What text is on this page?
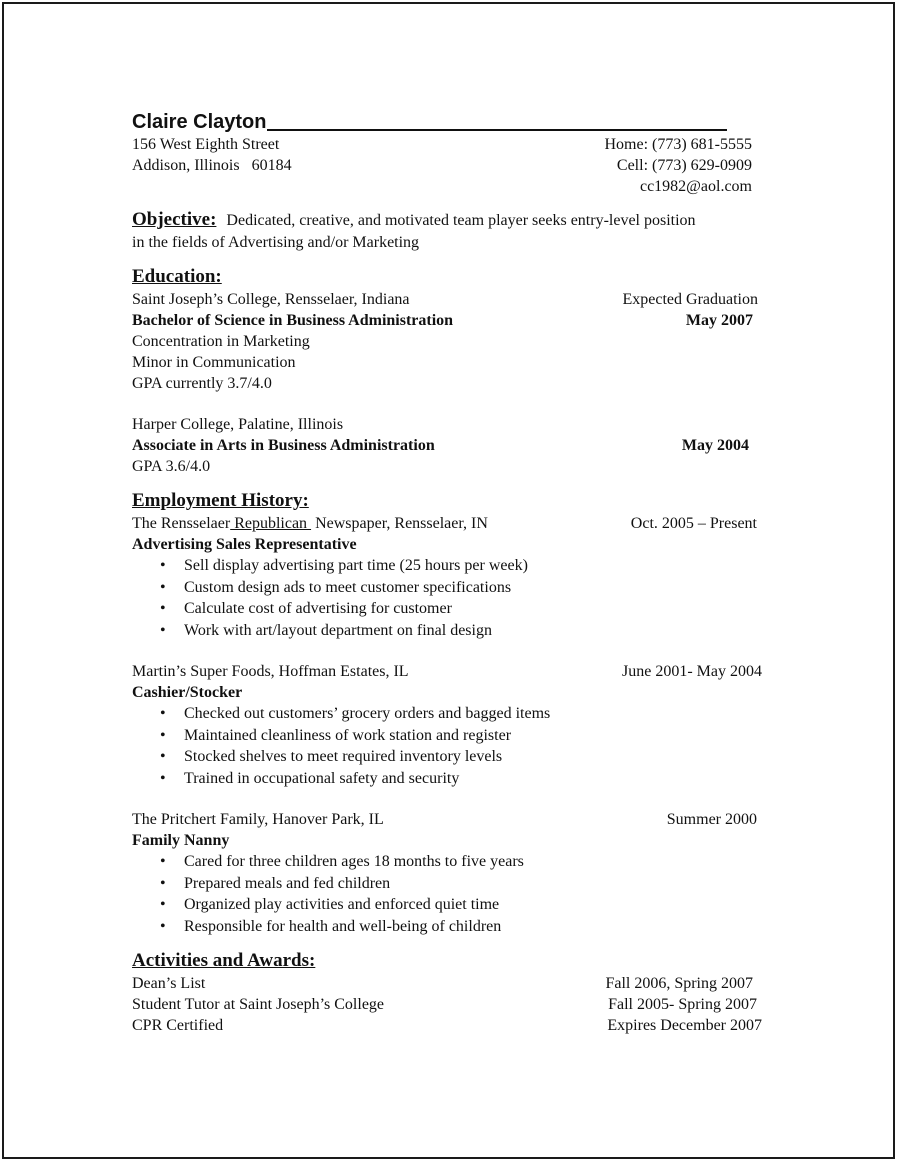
Claire Clayton
156 West Eighth Street	Home: (773) 681-5555
Addison, Illinois   60184	Cell: (773) 629-0909
cc1982@aol.com
Objective: Dedicated, creative, and motivated team player seeks entry-level position
in the fields of Advertising and/or Marketing
Education:
Saint Joseph’s College, Rensselaer, Indiana	Expected Graduation
Bachelor of Science in Business Administration	May 2007
Concentration in Marketing
Minor in Communication
GPA currently 3.7/4.0
Harper College, Palatine, Illinois
Associate in Arts in Business Administration	May 2004
GPA 3.6/4.0
Employment History:
The Rensselaer Republican  Newspaper, Rensselaer, IN	Oct. 2005 – Present
Advertising Sales Representative
• Sell display advertising part time (25 hours per week)
• Custom design ads to meet customer specifications
• Calculate cost of advertising for customer
• Work with art/layout department on final design
Martin’s Super Foods, Hoffman Estates, IL	June 2001- May 2004
Cashier/Stocker
• Checked out customers’ grocery orders and bagged items
• Maintained cleanliness of work station and register
• Stocked shelves to meet required inventory levels
• Trained in occupational safety and security
The Pritchert Family, Hanover Park, IL	Summer 2000
Family Nanny
• Cared for three children ages 18 months to five years
• Prepared meals and fed children
• Organized play activities and enforced quiet time
• Responsible for health and well-being of children
Activities and Awards:
Dean’s List	Fall 2006, Spring 2007
Student Tutor at Saint Joseph’s College	Fall 2005- Spring 2007
CPR Certified	Expires December 2007
